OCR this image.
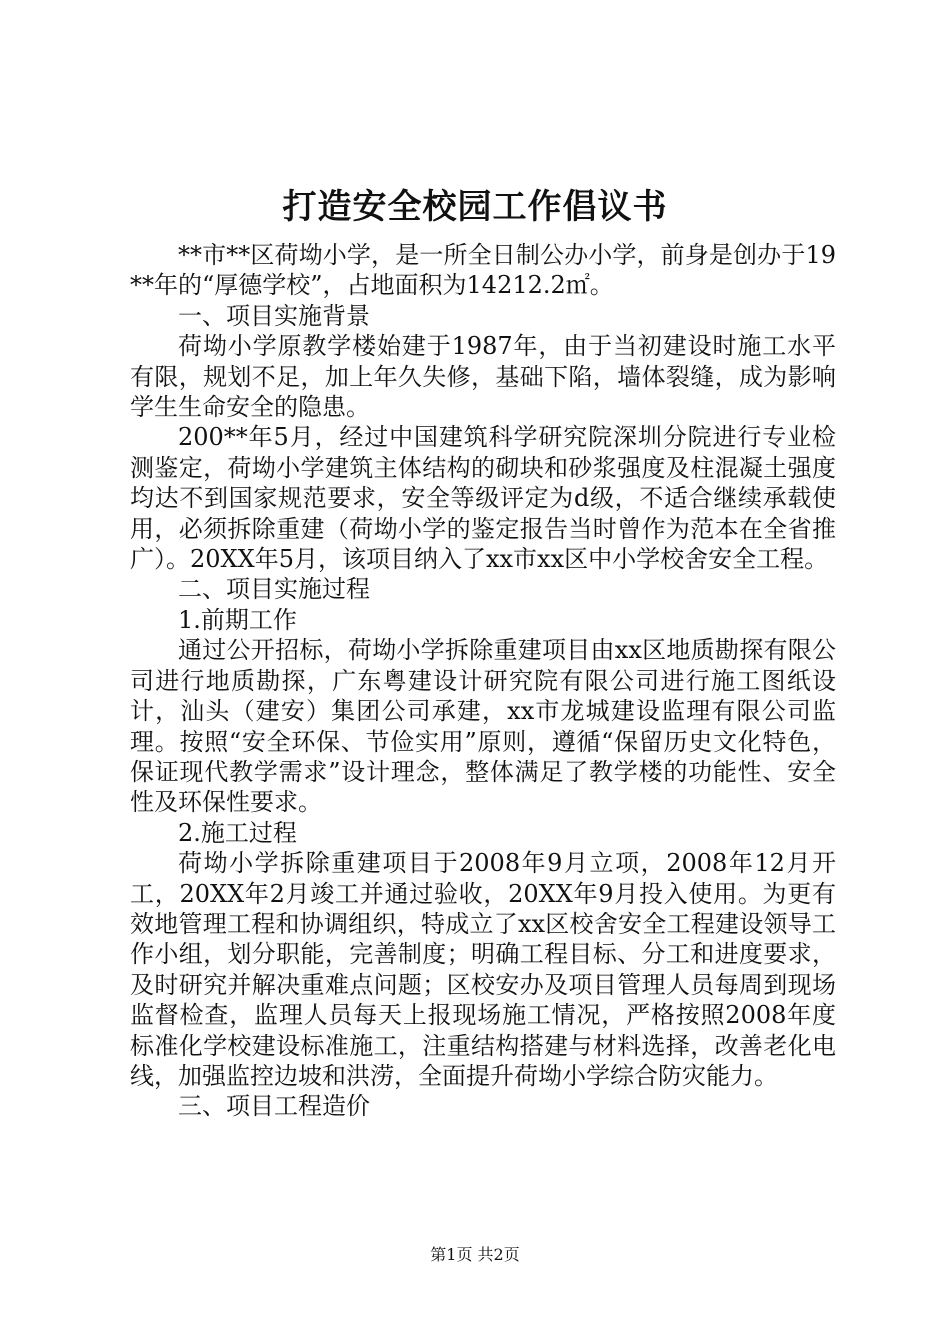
打造安全校园工作倡议书

**市**区荷坳小学，是一所全日制公办小学，前身是创办于19**年的“厚德学校”，占地面积为14212.2㎡。

一、项目实施背景

荷坳小学原教学楼始建于1987年，由于当初建设时施工水平有限，规划不足，加上年久失修，基础下陷，墙体裂缝，成为影响学生生命安全的隐患。

200**年5月，经过中国建筑科学研究院深圳分院进行专业检测鉴定，荷坳小学建筑主体结构的砌块和砂浆强度及柱混凝土强度均达不到国家规范要求，安全等级评定为d级，不适合继续承载使用，必须拆除重建（荷坳小学的鉴定报告当时曾作为范本在全省推广）。20XX年5月，该项目纳入了xx市xx区中小学校舍安全工程。

二、项目实施过程

1.前期工作

通过公开招标，荷坳小学拆除重建项目由xx区地质勘探有限公司进行地质勘探，广东粤建设计研究院有限公司进行施工图纸设计，汕头（建安）集团公司承建，xx市龙城建设监理有限公司监理。按照“安全环保、节俭实用”原则，遵循“保留历史文化特色，保证现代教学需求”设计理念，整体满足了教学楼的功能性、安全性及环保性要求。

2.施工过程

荷坳小学拆除重建项目于2008年9月立项，2008年12月开工，20XX年2月竣工并通过验收，20XX年9月投入使用。为更有效地管理工程和协调组织，特成立了xx区校舍安全工程建设领导工作小组，划分职能，完善制度；明确工程目标、分工和进度要求，及时研究并解决重难点问题；区校安办及项目管理人员每周到现场监督检查，监理人员每天上报现场施工情况，严格按照2008年度标准化学校建设标准施工，注重结构搭建与材料选择，改善老化电线，加强监控边坡和洪涝，全面提升荷坳小学综合防灾能力。

三、项目工程造价

第1页 共2页
